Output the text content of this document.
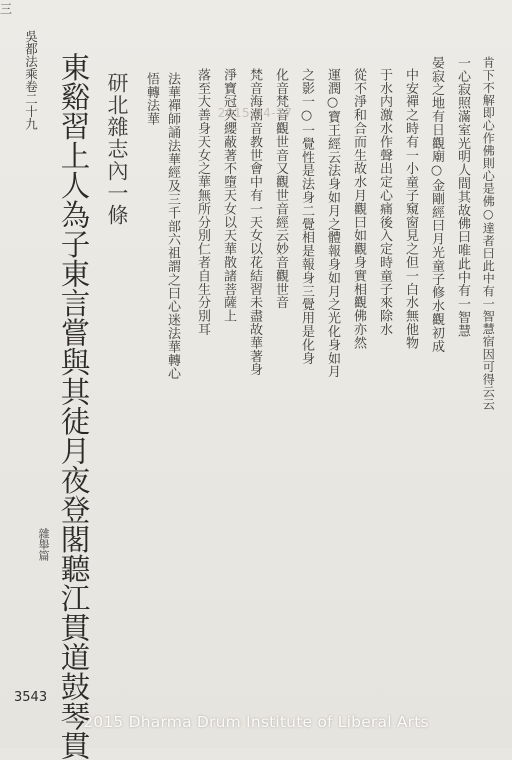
吳都法乘卷二十九
雜舉篇
三
東谿習上人為子東言嘗與其徒月夜登閣聽江貫道鼓琴貫 研北雜志內一條 悟轉法華 法華禪師誦法華經及三千部六祖謂之曰心迷法華轉心 落至大善身天女之華無所分別仁者自生分別耳 淨寶冠夾纓蔽著不墮天女以天華散諸菩薩上 梵音海潮音教世會中有一天女以花結習未盡故華著身 化音梵音觀世音又觀世音經云妙音觀世音 之影一○一覺性是法身二覺相是報身三覺用是化身 運潤○寶王經云法身如月之體報身如月之光化身如月 從不淨和合而生故水月觀曰如觀身實相觀佛亦然 于水内激水作聲出定心痛後入定時童子來除水 中安禪之時有一小童子窺窗見之但一白水無他物 晏寂之地有日觀廟○金剛經曰月光童子修水觀初成 一心寂照滿室光明人間其故佛曰唯此中有一智慧 肯下不解即心作佛則心是佛○達者曰此中有一智慧宿因可得云云
2015-04-17
3543
2015 Dharma Drum Institute of Liberal Arts
